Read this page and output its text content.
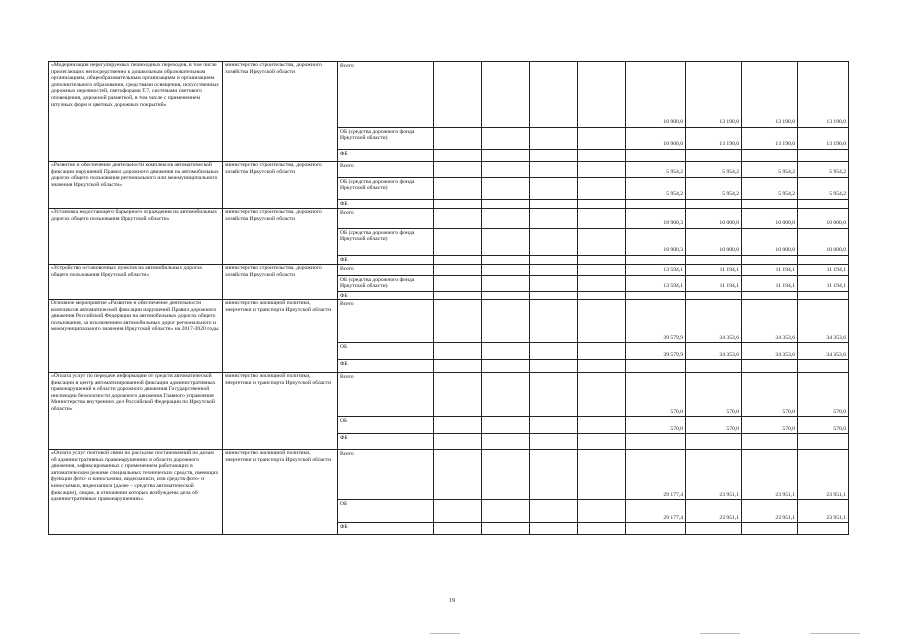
«Модернизация нерегулируемых пешеходных переходов, в том числе прилегающих непосредственно к дошкольным образовательным организациям, общеобразовательным организациям и организациям дополнительного образования, средствами освещения, искусственных дорожных неровностей, светофорами Т.7, системами светового оповещения, дорожной разметкой, в том числе с применением штучных форм и цветных дорожных покрытий»	министерство строительства, дорожного хозяйства Иркутской области	Всего					10 900,0	13 190,0	13 190,0	13 190,0
		ОБ (средства дорожного фонда Иркутской области)					10 900,0	13 190,0	13 190,0	13 190,0
		ФБ								
«Развитие и обеспечение деятельности комплексов автоматической фиксации нарушений Правил дорожного движения на автомобильных дорогах общего пользования регионального или межмуниципального значения Иркутской области»	министерство строительства, дорожного хозяйства Иркутской области	Всего					5 954,2	5 954,2	5 954,2	5 954,2
		ОБ (средства дорожного фонда Иркутской области)					5 954,2	5 954,2	5 954,2	5 954,2
		ФБ								
«Установка недостающего барьерного ограждения на автомобильных дорогах общего пользования Иркутской области»	министерство строительства, дорожного хозяйства Иркутской области	Всего					18 900,3	10 000,0	10 000,0	10 000,0
		ОБ (средства дорожного фонда Иркутской области)					18 900,3	10 000,0	10 000,0	10 000,0
		ФБ								
«Устройство остановочных пунктов на автомобильных дорогах общего пользования Иркутской области»	министерство строительства, дорожного хозяйства Иркутской области	Всего					13 594,1	11 194,1	11 194,1	11 194,1
		ОБ (средства дорожного фонда Иркутской области)					13 594,1	11 194,1	11 194,1	11 194,1
		ФБ								
Основное мероприятие «Развитие и обеспечение деятельности комплексов автоматической фиксации нарушений Правил дорожного движения Российской Федерации на автомобильных дорогах общего пользования, за исключением автомобильных дорог регионального и межмуниципального значения Иркутской области» на 2017-2020 годы	министерство жилищной политики, энергетики и транспорта Иркутской области	Всего					39 579,9	34 353,6	34 353,6	34 353,6
		ОБ					39 579,9	34 353,6	34 353,6	34 353,6
		ФБ								
«Оплата услуг по передаче информации от средств автоматической фиксации в центр автоматизированной фиксации административных правонарушений в области дорожного движения Государственной инспекции безопасности дорожного движения Главного управления Министерства внутренних дел Российской Федерации по Иркутской области»	министерство жилищной политики, энергетики и транспорта Иркутской области	Всего					570,0	570,0	570,0	570,0
		ОБ					570,0	570,0	570,0	570,0
		ФБ								
«Оплата услуг почтовой связи по рассылке постановлений по делам об административных правонарушениях в области дорожного движения, зафиксированных с применением работающих в автоматическом режиме специальных технических средств, имеющих функции фото- и киносъемки, видеозаписи, или средств фото- и киносъемки, видеозаписи (далее – средства автоматической фиксации), лицам, в отношении которых возбуждены дела об административных правонарушениях»	министерство жилищной политики, энергетики и транспорта Иркутской области	Всего					29 177,4	23 951,1	23 951,1	23 951,1
		ОБ					29 177,4	23 951,1	23 951,1	23 951,1
		ФБ								
19
